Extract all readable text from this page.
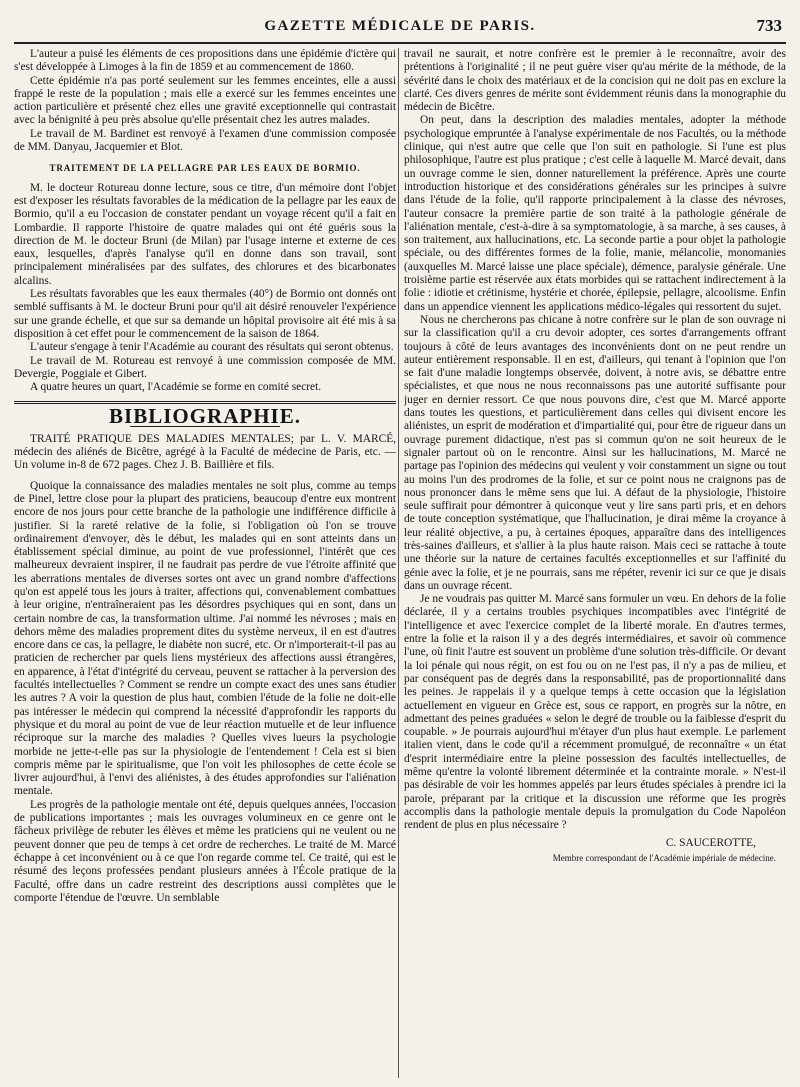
GAZETTE MÉDICALE DE PARIS.	733

L'auteur a puisé les éléments de ces propositions dans une épidémie d'ictère qui s'est développée à Limoges à la fin de 1859 et au commencement de 1860.

Cette épidémie n'a pas porté seulement sur les femmes enceintes, elle a aussi frappé le reste de la population ; mais elle a exercé sur les femmes enceintes une action particulière et présenté chez elles une gravité exceptionnelle qui contrastait avec la bénignité à peu près absolue qu'elle présentait chez les autres malades.

Le travail de M. Bardinet est renvoyé à l'examen d'une commission composée de MM. Danyau, Jacquemier et Blot.

TRAITEMENT DE LA PELLAGRE PAR LES EAUX DE BORMIO.

M. le docteur Rotureau donne lecture, sous ce titre, d'un mémoire dont l'objet est d'exposer les résultats favorables de la médication de la pellagre par les eaux de Bormio, qu'il a eu l'occasion de constater pendant un voyage récent qu'il a fait en Lombardie. Il rapporte l'histoire de quatre malades qui ont été guéris sous la direction de M. le docteur Bruni (de Milan) par l'usage interne et externe de ces eaux, lesquelles, d'après l'analyse qu'il en donne dans son travail, sont principalement minéralisées par des sulfates, des chlorures et des bicarbonates alcalins.

Les résultats favorables que les eaux thermales (40°) de Bormio ont donnés ont semblé suffisants à M. le docteur Bruni pour qu'il ait désiré renouveler l'expérience sur une grande échelle, et que sur sa demande un hôpital provisoire ait été mis à sa disposition à cet effet pour le commencement de la saison de 1864.

L'auteur s'engage à tenir l'Académie au courant des résultats qui seront obtenus.

Le travail de M. Rotureau est renvoyé à une commission composée de MM. Devergie, Poggiale et Gibert.

A quatre heures un quart, l'Académie se forme en comité secret.

BIBLIOGRAPHIE.

TRAITÉ PRATIQUE DES MALADIES MENTALES; par L. V. MARCÉ, médecin des aliénés de Bicêtre, agrégé à la Faculté de médecine de Paris, etc. — Un volume in-8 de 672 pages. Chez J. B. Baillière et fils.

Quoique la connaissance des maladies mentales ne soit plus, comme au temps de Pinel, lettre close pour la plupart des praticiens, beaucoup d'entre eux montrent encore de nos jours pour cette branche de la pathologie une indifférence difficile à justifier. Si la rareté relative de la folie, si l'obligation où l'on se trouve ordinairement d'envoyer, dès le début, les malades qui en sont atteints dans un établissement spécial diminue, au point de vue professionnel, l'intérêt que ces malheureux devraient inspirer, il ne faudrait pas perdre de vue l'étroite affinité que les aberrations mentales de diverses sortes ont avec un grand nombre d'affections qu'on est appelé tous les jours à traiter, affections qui, convenablement combattues à leur origine, n'entraîneraient pas les désordres psychiques qui en sont, dans un certain nombre de cas, la transformation ultime. J'ai nommé les névroses ; mais en dehors même des maladies proprement dites du système nerveux, il en est d'autres encore dans ce cas, la pellagre, le diabète non sucré, etc. Or n'importerait-t-il pas au praticien de rechercher par quels liens mystérieux des affections aussi étrangères, en apparence, à l'état d'intégrité du cerveau, peuvent se rattacher à la perversion des facultés intellectuelles ? Comment se rendre un compte exact des unes sans étudier les autres ? A voir la question de plus haut, combien l'étude de la folie ne doit-elle pas intéresser le médecin qui comprend la nécessité d'approfondir les rapports du physique et du moral au point de vue de leur réaction mutuelle et de leur influence réciproque sur la marche des maladies ? Quelles vives lueurs la psychologie morbide ne jette-t-elle pas sur la physiologie de l'entendement ! Cela est si bien compris même par le spiritualisme, que l'on voit les philosophes de cette école se livrer aujourd'hui, à l'envi des aliénistes, à des études approfondies sur l'aliénation mentale.

Les progrès de la pathologie mentale ont été, depuis quelques années, l'occasion de publications importantes ; mais les ouvrages volumineux en ce genre ont le fâcheux privilège de rebuter les élèves et même les praticiens qui ne veulent ou ne peuvent donner que peu de temps à cet ordre de recherches. Le traité de M. Marcé échappe à cet inconvénient ou à ce que l'on regarde comme tel. Ce traité, qui est le résumé des leçons professées pendant plusieurs années à l'École pratique de la Faculté, offre dans un cadre restreint des descriptions aussi complètes que le comporte l'étendue de l'œuvre. Un semblable

travail ne saurait, et notre confrère est le premier à le reconnaître, avoir des prétentions à l'originalité ; il ne peut guère viser qu'au mérite de la méthode, de la sévérité dans le choix des matériaux et de la concision qui ne doit pas en exclure la clarté. Ces divers genres de mérite sont évidemment réunis dans la monographie du médecin de Bicêtre.

On peut, dans la description des maladies mentales, adopter la méthode psychologique empruntée à l'analyse expérimentale de nos Facultés, ou la méthode clinique, qui n'est autre que celle que l'on suit en pathologie. Si l'une est plus philosophique, l'autre est plus pratique ; c'est celle à laquelle M. Marcé devait, dans un ouvrage comme le sien, donner naturellement la préférence. Après une courte introduction historique et des considérations générales sur les principes à suivre dans l'étude de la folie, qu'il rapporte principalement à la classe des névroses, l'auteur consacre la première partie de son traité à la pathologie générale de l'aliénation mentale, c'est-à-dire à sa symptomatologie, à sa marche, à ses causes, à son traitement, aux hallucinations, etc. La seconde partie a pour objet la pathologie spéciale, ou des différentes formes de la folie, manie, mélancolie, monomanies (auxquelles M. Marcé laisse une place spéciale), démence, paralysie générale. Une troisième partie est réservée aux états morbides qui se rattachent indirectement à la folie : idiotie et crétinisme, hystérie et chorée, épilepsie, pellagre, alcoolisme. Enfin dans un appendice viennent les applications médico-légales qui ressortent du sujet.

Nous ne chercherons pas chicane à notre confrère sur le plan de son ouvrage ni sur la classification qu'il a cru devoir adopter, ces sortes d'arrangements offrant toujours à côté de leurs avantages des inconvénients dont on ne peut rendre un auteur entièrement responsable. Il en est, d'ailleurs, qui tenant à l'opinion que l'on se fait d'une maladie longtemps observée, doivent, à notre avis, se débattre entre spécialistes, et que nous ne nous reconnaissons pas une autorité suffisante pour juger en dernier ressort. Ce que nous pouvons dire, c'est que M. Marcé apporte dans toutes les questions, et particulièrement dans celles qui divisent encore les aliénistes, un esprit de modération et d'impartialité qui, pour être de rigueur dans un ouvrage purement didactique, n'est pas si commun qu'on ne soit heureux de le signaler partout où on le rencontre. Ainsi sur les hallucinations, M. Marcé ne partage pas l'opinion des médecins qui veulent y voir constamment un signe ou tout au moins l'un des prodromes de la folie, et sur ce point nous ne craignons pas de nous prononcer dans le même sens que lui. A défaut de la physiologie, l'histoire seule suffirait pour démontrer à quiconque veut y lire sans parti pris, et en dehors de toute conception systématique, que l'hallucination, je dirai même la croyance à leur réalité objective, a pu, à certaines époques, apparaître dans des intelligences très-saines d'ailleurs, et s'allier à la plus haute raison. Mais ceci se rattache à toute une théorie sur la nature de certaines facultés exceptionnelles et sur l'affinité du génie avec la folie, et je ne pourrais, sans me répéter, revenir ici sur ce que je disais dans un ouvrage récent.

Je ne voudrais pas quitter M. Marcé sans formuler un vœu. En dehors de la folie déclarée, il y a certains troubles psychiques incompatibles avec l'intégrité de l'intelligence et avec l'exercice complet de la liberté morale. En d'autres termes, entre la folie et la raison il y a des degrés intermédiaires, et savoir où commence l'une, où finit l'autre est souvent un problème d'une solution très-difficile. Or devant la loi pénale qui nous régit, on est fou ou on ne l'est pas, il n'y a pas de milieu, et par conséquent pas de degrés dans la responsabilité, pas de proportionnalité dans les peines. Je rappelais il y a quelque temps à cette occasion que la législation actuellement en vigueur en Grèce est, sous ce rapport, en progrès sur la nôtre, en admettant des peines graduées « selon le degré de trouble ou la faiblesse d'esprit du coupable. » Je pourrais aujourd'hui m'étayer d'un plus haut exemple. Le parlement italien vient, dans le code qu'il a récemment promulgué, de reconnaître « un état d'esprit intermédiaire entre la pleine possession des facultés intellectuelles, de même qu'entre la volonté librement déterminée et la contrainte morale. » N'est-il pas désirable de voir les hommes appelés par leurs études spéciales à prendre ici la parole, préparant par la critique et la discussion une réforme que les progrès accomplis dans la pathologie mentale depuis la promulgation du Code Napoléon rendent de plus en plus nécessaire ?

C. SAUCEROTTE,
Membre correspondant de l'Académie impériale de médecine.
